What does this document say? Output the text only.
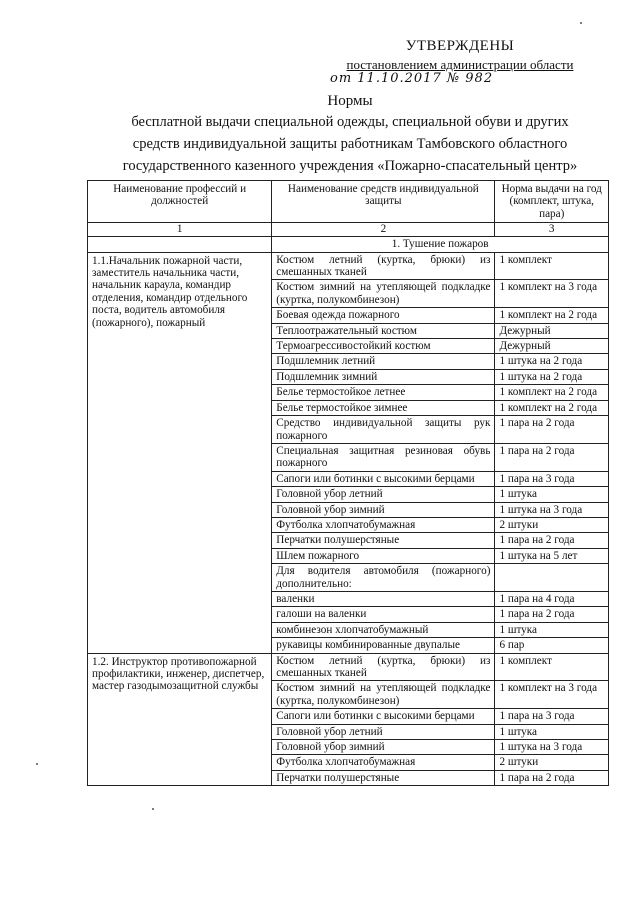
УТВЕРЖДЕНЫ
постановлением администрации области
от 11.10.2017 № 982
Нормы
бесплатной выдачи специальной одежды, специальной обуви и других
средств индивидуальной защиты работникам Тамбовского областного
государственного казенного учреждения «Пожарно-спасательный центр»
Наименование профессий и должностей	Наименование средств индивидуальной защиты	Норма выдачи на год (комплект, штука, пара)
1	2	3
	1. Тушение пожаров	
1.1.Начальник пожарной части, заместитель начальника части, начальник караула, командир отделения, командир отдельного поста, водитель автомобиля (пожарного), пожарный	Костюм летний (куртка, брюки) из смешанных тканей	1 комплект
	Костюм зимний на утепляющей подкладке (куртка, полукомбинезон)	1 комплект на 3 года
	Боевая одежда пожарного	1 комплект на 2 года
	Теплоотражательный костюм	Дежурный
	Термоагрессивостойкий костюм	Дежурный
	Подшлемник летний	1 штука на 2 года
	Подшлемник зимний	1 штука на 2 года
	Белье термостойкое летнее	1 комплект на 2 года
	Белье термостойкое зимнее	1 комплект на 2 года
	Средство индивидуальной защиты рук пожарного	1 пара на 2 года
	Специальная защитная резиновая обувь пожарного	1 пара на 2 года
	Сапоги или ботинки с высокими берцами	1 пара на 3 года
	Головной убор летний	1 штука
	Головной убор зимний	1 штука на 3 года
	Футболка хлопчатобумажная	2 штуки
	Перчатки полушерстяные	1 пара на 2 года
	Шлем пожарного	1 штука на 5 лет
	Для водителя автомобиля (пожарного) дополнительно:	
	валенки	1 пара на 4 года
	галоши на валенки	1 пара на 2 года
	комбинезон хлопчатобумажный	1 штука
	рукавицы комбинированные двупалые	6 пар
1.2. Инструктор противопожарной профилактики, инженер, диспетчер, мастер газодымозащитной службы	Костюм летний (куртка, брюки) из смешанных тканей	1 комплект
	Костюм зимний на утепляющей подкладке (куртка, полукомбинезон)	1 комплект на 3 года
	Сапоги или ботинки с высокими берцами	1 пара на 3 года
	Головной убор летний	1 штука
	Головной убор зимний	1 штука на 3 года
	Футболка хлопчатобумажная	2 штуки
	Перчатки полушерстяные	1 пара на 2 года
